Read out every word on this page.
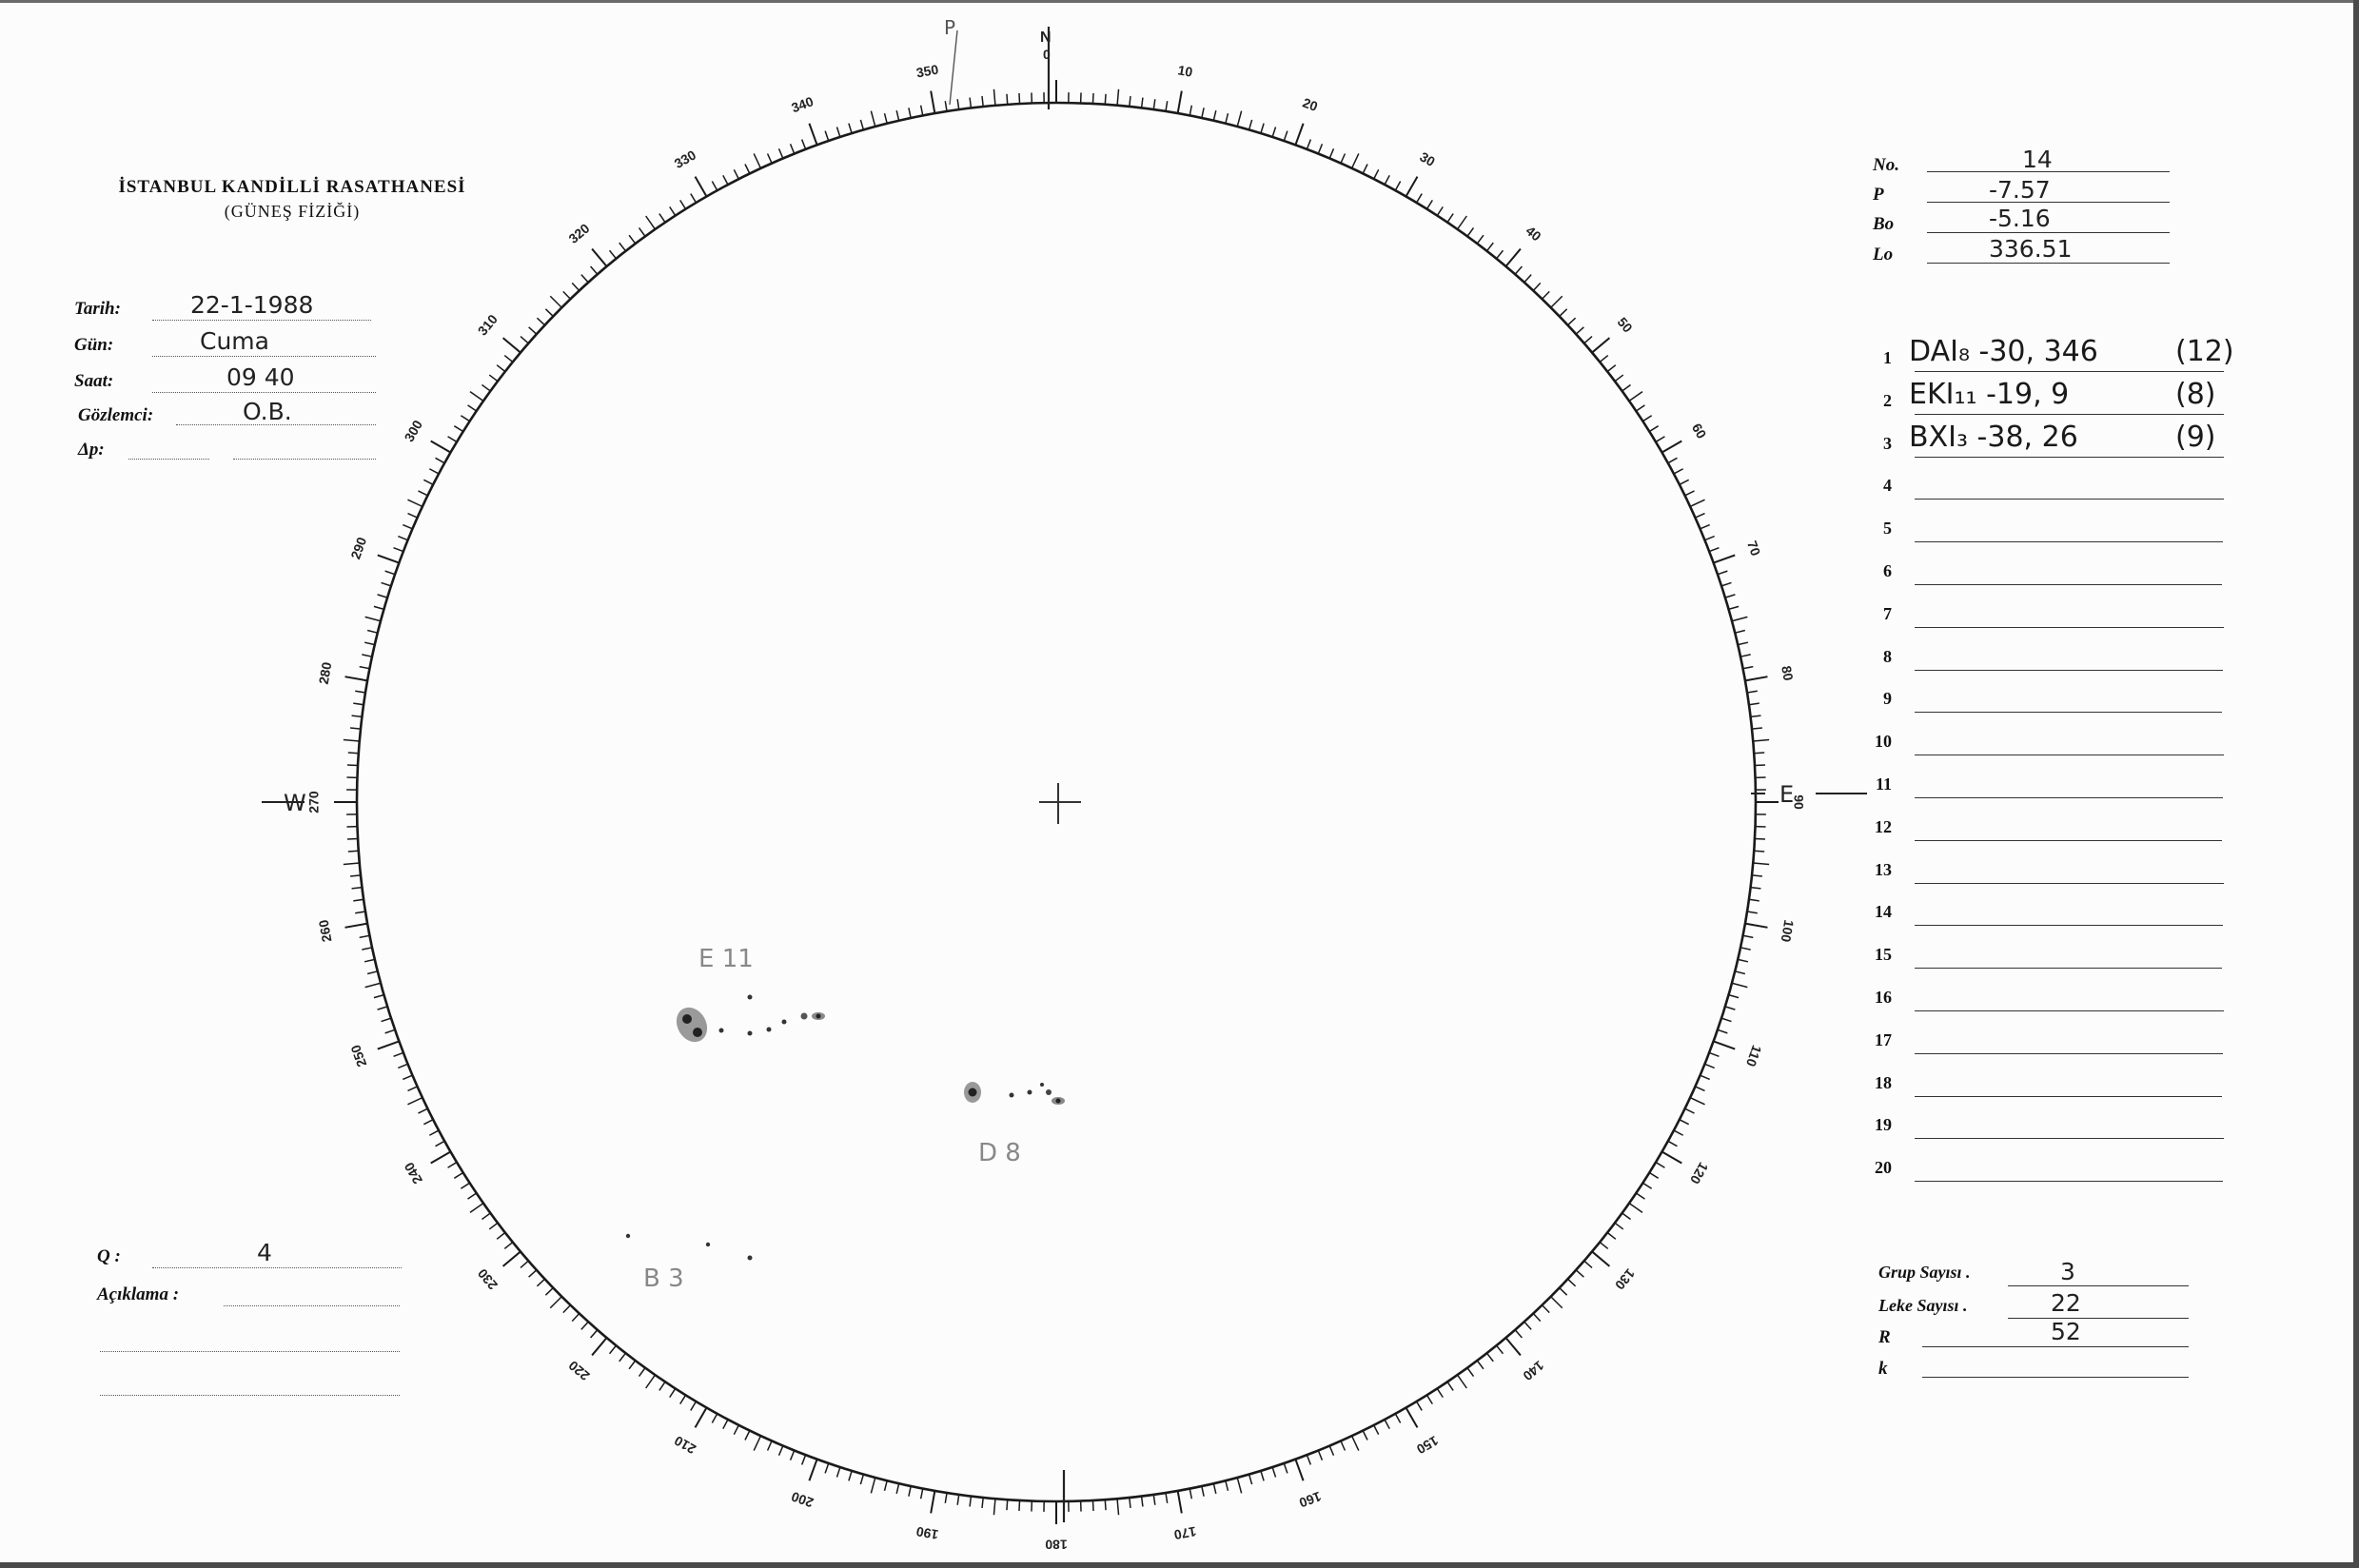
İSTANBUL KANDİLLİ RASATHANESİ
(GÜNEŞ FİZİĞİ)
Tarih:	22-1-1988
Gün:	Cuma
Saat:	09 40
Gözlemci:	O.B.
Δp:
Q :	4
Açıklama :
No.	14
P	-7.57
Bo	-5.16
Lo	336.51
1 DAI₈ -30, 346	(12)
2 EKI₁₁ -19, 9	(8)
3 BXI₃ -38, 26	(9)
4
5
6
7
8
9
10
11
12
13
14
15
16
17
18
19
20
Grup Sayısı .	3
Leke Sayısı .	22
R	52
k
10
20
30
40
50
60
70
80
90
100
110
120
130
140
150
160
170
180
190
200
210
220
230
240
250
260
270
280
290
300
310
320
330
340
350
E 11
D 8
B 3
N
0
P
E
W
